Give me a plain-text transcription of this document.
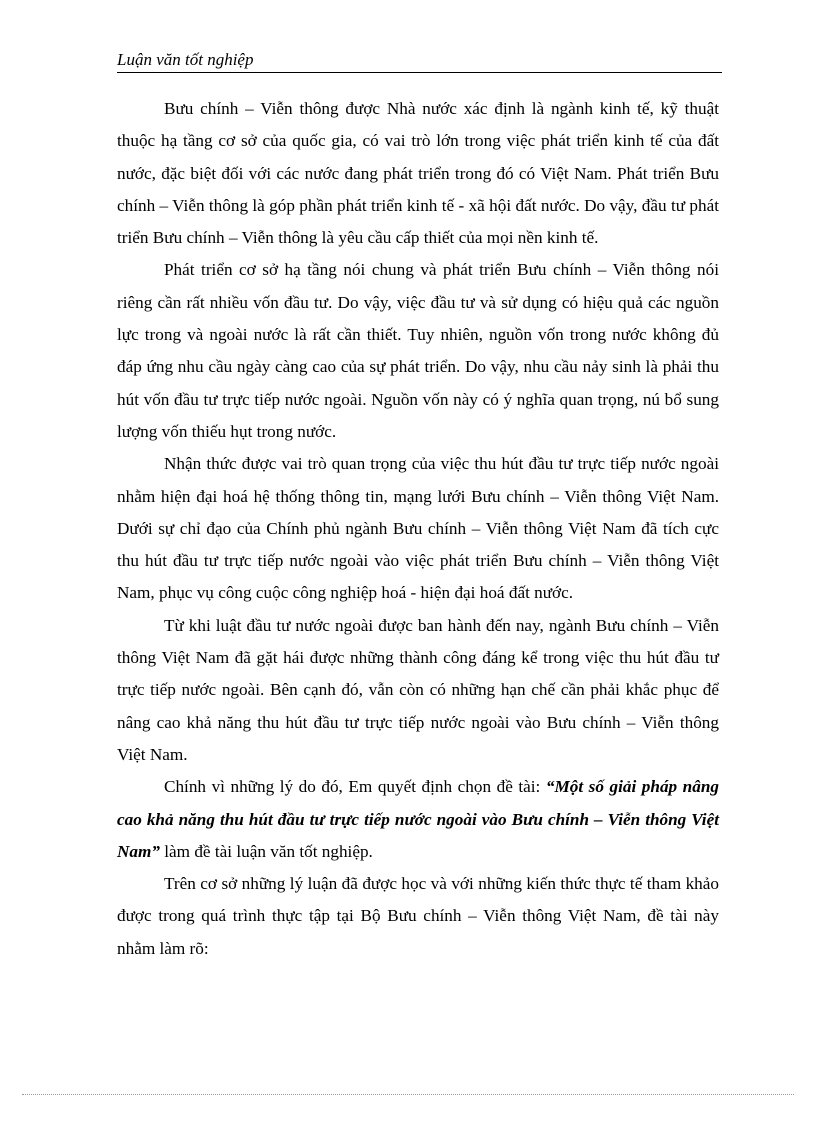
Luận văn tốt nghiệp

Bưu chính – Viễn thông được Nhà nước xác định là ngành kinh tế, kỹ thuật thuộc hạ tầng cơ sở của quốc gia, có vai trò lớn trong việc phát triển kinh tế của đất nước, đặc biệt đối với các nước đang phát triển trong đó có Việt Nam. Phát triển Bưu chính – Viễn thông là góp phần phát triển kinh tế - xã hội đất nước. Do vậy, đầu tư phát triển Bưu chính – Viễn thông là yêu cầu cấp thiết của mọi nền kinh tế.

Phát triển cơ sở hạ tầng nói chung và phát triển Bưu chính – Viễn thông nói riêng cần rất nhiều vốn đầu tư. Do vậy, việc đầu tư và sử dụng có hiệu quả các nguồn lực trong và ngoài nước là rất cần thiết. Tuy nhiên, nguồn vốn trong nước không đủ đáp ứng nhu cầu ngày càng cao của sự phát triển. Do vậy, nhu cầu nảy sinh là phải thu hút vốn đầu tư trực tiếp nước ngoài. Nguồn vốn này có ý nghĩa quan trọng, nú bổ sung lượng vốn thiếu hụt trong nước.

Nhận thức được vai trò quan trọng của việc thu hút đầu tư trực tiếp nước ngoài nhằm hiện đại hoá hệ thống thông tin, mạng lưới Bưu chính – Viễn thông Việt Nam. Dưới sự chỉ đạo của Chính phủ ngành Bưu chính – Viễn thông Việt Nam đã tích cực thu hút đầu tư trực tiếp nước ngoài vào việc phát triển Bưu chính – Viễn thông Việt Nam, phục vụ công cuộc công nghiệp hoá - hiện đại hoá đất nước.

Từ khi luật đầu tư nước ngoài được ban hành đến nay, ngành Bưu chính – Viễn thông Việt Nam đã gặt hái được những thành công đáng kể trong việc thu hút đầu tư trực tiếp nước ngoài. Bên cạnh đó, vẫn còn có những hạn chế cần phải khắc phục để nâng cao khả năng thu hút đầu tư trực tiếp nước ngoài vào Bưu chính – Viễn thông Việt Nam.

Chính vì những lý do đó, Em quyết định chọn đề tài: “Một số giải pháp nâng cao khả năng thu hút đầu tư trực tiếp nước ngoài vào Bưu chính – Viễn thông Việt Nam” làm đề tài luận văn tốt nghiệp.

Trên cơ sở những lý luận đã được học và với những kiến thức thực tế tham khảo được trong quá trình thực tập tại Bộ Bưu chính – Viễn thông Việt Nam, đề tài này nhằm làm rõ:
